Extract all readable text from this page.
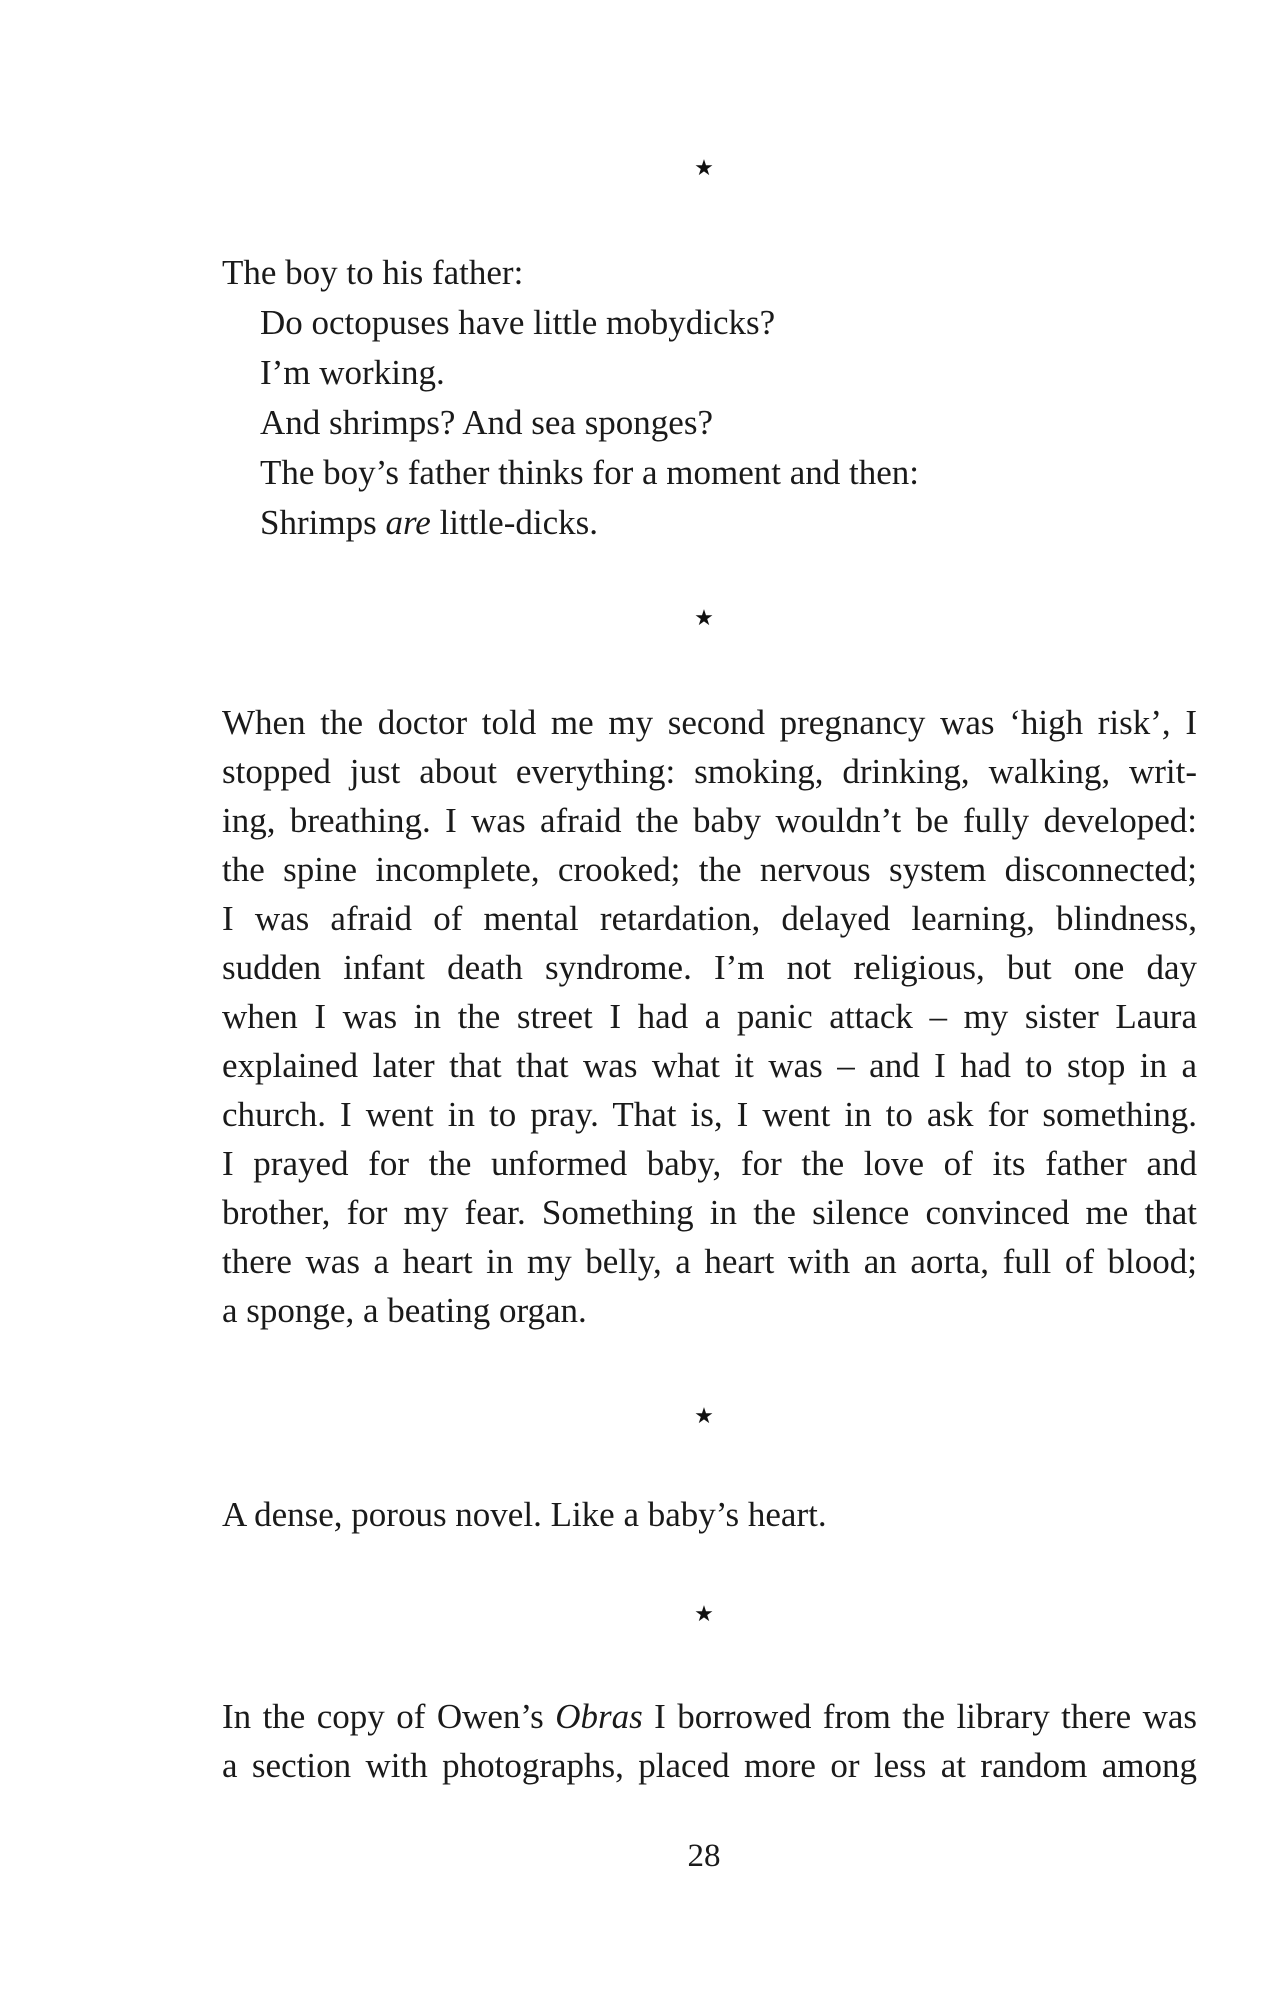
★
The boy to his father:
Do octopuses have little mobydicks?
I’m working.
And shrimps? And sea sponges?
The boy’s father thinks for a moment and then:
Shrimps are little-dicks.
★
When the doctor told me my second pregnancy was ‘high risk’, I
stopped just about everything: smoking, drinking, walking, writ-
ing, breathing. I was afraid the baby wouldn’t be fully developed:
the spine incomplete, crooked; the nervous system disconnected;
I was afraid of mental retardation, delayed learning, blindness,
sudden infant death syndrome. I’m not religious, but one day
when I was in the street I had a panic attack – my sister Laura
explained later that that was what it was – and I had to stop in a
church. I went in to pray. That is, I went in to ask for something.
I prayed for the unformed baby, for the love of its father and
brother, for my fear. Something in the silence convinced me that
there was a heart in my belly, a heart with an aorta, full of blood;
a sponge, a beating organ.
★
A dense, porous novel. Like a baby’s heart.
★
In the copy of Owen’s Obras I borrowed from the library there was
a section with photographs, placed more or less at random among
28
